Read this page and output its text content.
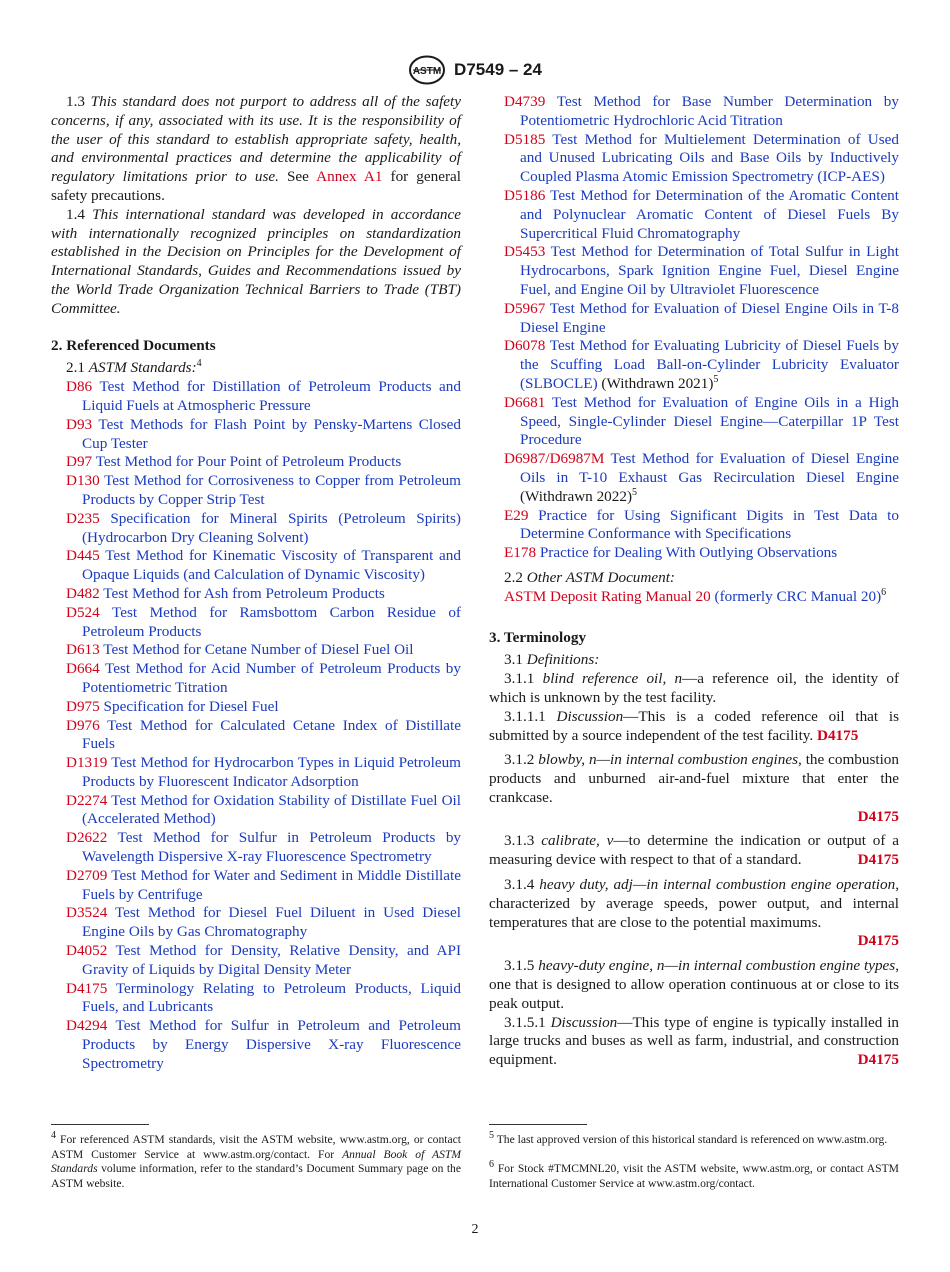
ASTM D7549 – 24

1.3 This standard does not purport to address all of the safety concerns, if any, associated with its use. It is the responsibility of the user of this standard to establish appropriate safety, health, and environmental practices and determine the applicability of regulatory limitations prior to use. See Annex A1 for general safety precautions.

1.4 This international standard was developed in accordance with internationally recognized principles on standardization established in the Decision on Principles for the Development of International Standards, Guides and Recommendations issued by the World Trade Organization Technical Barriers to Trade (TBT) Committee.

2. Referenced Documents

2.1 ASTM Standards:$^4$

D86 Test Method for Distillation of Petroleum Products and Liquid Fuels at Atmospheric Pressure

D93 Test Methods for Flash Point by Pensky-Martens Closed Cup Tester

D97 Test Method for Pour Point of Petroleum Products

D130 Test Method for Corrosiveness to Copper from Petroleum Products by Copper Strip Test

D235 Specification for Mineral Spirits (Petroleum Spirits) (Hydrocarbon Dry Cleaning Solvent)

D445 Test Method for Kinematic Viscosity of Transparent and Opaque Liquids (and Calculation of Dynamic Viscosity)

D482 Test Method for Ash from Petroleum Products

D524 Test Method for Ramsbottom Carbon Residue of Petroleum Products

D613 Test Method for Cetane Number of Diesel Fuel Oil

D664 Test Method for Acid Number of Petroleum Products by Potentiometric Titration

D975 Specification for Diesel Fuel

D976 Test Method for Calculated Cetane Index of Distillate Fuels

D1319 Test Method for Hydrocarbon Types in Liquid Petroleum Products by Fluorescent Indicator Adsorption

D2274 Test Method for Oxidation Stability of Distillate Fuel Oil (Accelerated Method)

D2622 Test Method for Sulfur in Petroleum Products by Wavelength Dispersive X-ray Fluorescence Spectrometry

D2709 Test Method for Water and Sediment in Middle Distillate Fuels by Centrifuge

D3524 Test Method for Diesel Fuel Diluent in Used Diesel Engine Oils by Gas Chromatography

D4052 Test Method for Density, Relative Density, and API Gravity of Liquids by Digital Density Meter

D4175 Terminology Relating to Petroleum Products, Liquid Fuels, and Lubricants

D4294 Test Method for Sulfur in Petroleum and Petroleum Products by Energy Dispersive X-ray Fluorescence Spectrometry

D4739 Test Method for Base Number Determination by Potentiometric Hydrochloric Acid Titration

D5185 Test Method for Multielement Determination of Used and Unused Lubricating Oils and Base Oils by Inductively Coupled Plasma Atomic Emission Spectrometry (ICP-AES)

D5186 Test Method for Determination of the Aromatic Content and Polynuclear Aromatic Content of Diesel Fuels By Supercritical Fluid Chromatography

D5453 Test Method for Determination of Total Sulfur in Light Hydrocarbons, Spark Ignition Engine Fuel, Diesel Engine Fuel, and Engine Oil by Ultraviolet Fluorescence

D5967 Test Method for Evaluation of Diesel Engine Oils in T-8 Diesel Engine

D6078 Test Method for Evaluating Lubricity of Diesel Fuels by the Scuffing Load Ball-on-Cylinder Lubricity Evaluator (SLBOCLE) (Withdrawn 2021)$^5$

D6681 Test Method for Evaluation of Engine Oils in a High Speed, Single-Cylinder Diesel Engine—Caterpillar 1P Test Procedure

D6987/D6987M Test Method for Evaluation of Diesel Engine Oils in T-10 Exhaust Gas Recirculation Diesel Engine (Withdrawn 2022)$^5$

E29 Practice for Using Significant Digits in Test Data to Determine Conformance with Specifications

E178 Practice for Dealing With Outlying Observations

2.2 Other ASTM Document:

ASTM Deposit Rating Manual 20 (formerly CRC Manual 20)$^6$

3. Terminology

3.1 Definitions:

3.1.1 blind reference oil, n—a reference oil, the identity of which is unknown by the test facility.

3.1.1.1 Discussion—This is a coded reference oil that is submitted by a source independent of the test facility. D4175

3.1.2 blowby, n—in internal combustion engines, the combustion products and unburned air-and-fuel mixture that enter the crankcase.

D4175

3.1.3 calibrate, v—to determine the indication or output of a measuring device with respect to that of a standard.	D4175

3.1.4 heavy duty, adj—in internal combustion engine operation, characterized by average speeds, power output, and internal temperatures that are close to the potential maximums.

D4175

3.1.5 heavy-duty engine, n—in internal combustion engine types, one that is designed to allow operation continuous at or close to its peak output.

3.1.5.1 Discussion—This type of engine is typically installed in large trucks and buses as well as farm, industrial, and construction equipment.	D4175

$^4$ For referenced ASTM standards, visit the ASTM website, www.astm.org, or contact ASTM Customer Service at www.astm.org/contact. For Annual Book of ASTM Standards volume information, refer to the standard’s Document Summary page on the ASTM website.
$^5$ The last approved version of this historical standard is referenced on www.astm.org.
$^6$ For Stock #TMCMNL20, visit the ASTM website, www.astm.org, or contact ASTM International Customer Service at www.astm.org/contact.
2
